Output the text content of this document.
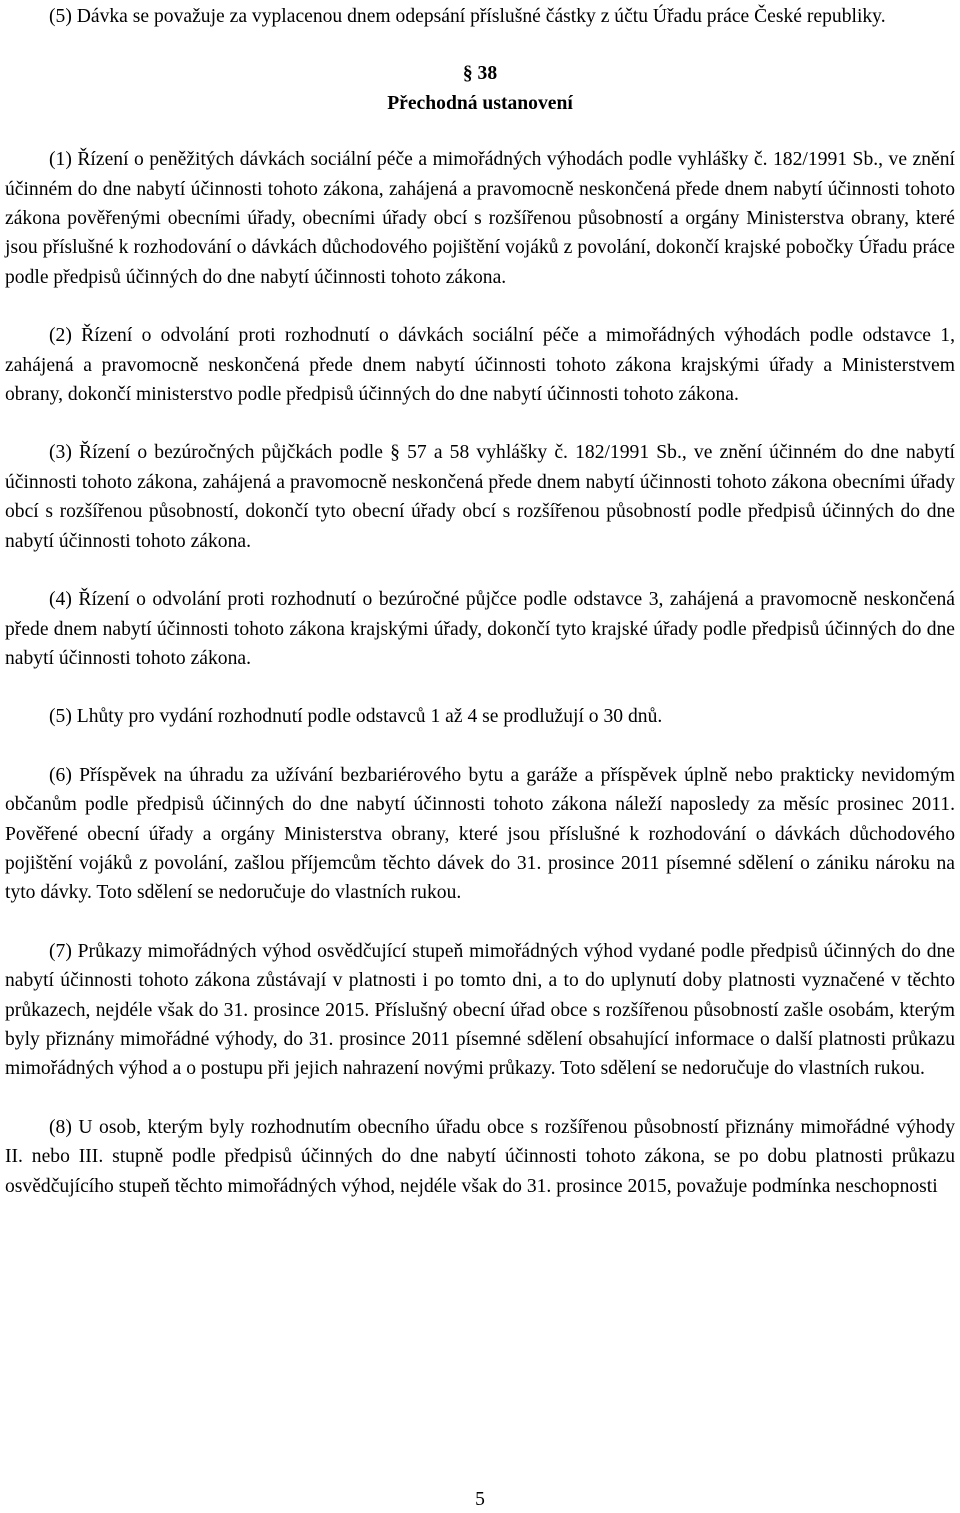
(5) Dávka se považuje za vyplacenou dnem odepsání příslušné částky z účtu Úřadu práce České republiky.

§ 38
Přechodná ustanovení

(1) Řízení o peněžitých dávkách sociální péče a mimořádných výhodách podle vyhlášky č. 182/1991 Sb., ve znění účinném do dne nabytí účinnosti tohoto zákona, zahájená a pravomocně neskončená přede dnem nabytí účinnosti tohoto zákona pověřenými obecními úřady, obecními úřady obcí s rozšířenou působností a orgány Ministerstva obrany, které jsou příslušné k rozhodování o dávkách důchodového pojištění vojáků z povolání, dokončí krajské pobočky Úřadu práce podle předpisů účinných do dne nabytí účinnosti tohoto zákona.

(2) Řízení o odvolání proti rozhodnutí o dávkách sociální péče a mimořádných výhodách podle odstavce 1, zahájená a pravomocně neskončená přede dnem nabytí účinnosti tohoto zákona krajskými úřady a Ministerstvem obrany, dokončí ministerstvo podle předpisů účinných do dne nabytí účinnosti tohoto zákona.

(3) Řízení o bezúročných půjčkách podle § 57 a 58 vyhlášky č. 182/1991 Sb., ve znění účinném do dne nabytí účinnosti tohoto zákona, zahájená a pravomocně neskončená přede dnem nabytí účinnosti tohoto zákona obecními úřady obcí s rozšířenou působností, dokončí tyto obecní úřady obcí s rozšířenou působností podle předpisů účinných do dne nabytí účinnosti tohoto zákona.

(4) Řízení o odvolání proti rozhodnutí o bezúročné půjčce podle odstavce 3, zahájená a pravomocně neskončená přede dnem nabytí účinnosti tohoto zákona krajskými úřady, dokončí tyto krajské úřady podle předpisů účinných do dne nabytí účinnosti tohoto zákona.

(5) Lhůty pro vydání rozhodnutí podle odstavců 1 až 4 se prodlužují o 30 dnů.

(6) Příspěvek na úhradu za užívání bezbariérového bytu a garáže a příspěvek úplně nebo prakticky nevidomým občanům podle předpisů účinných do dne nabytí účinnosti tohoto zákona náleží naposledy za měsíc prosinec 2011. Pověřené obecní úřady a orgány Ministerstva obrany, které jsou příslušné k rozhodování o dávkách důchodového pojištění vojáků z povolání, zašlou příjemcům těchto dávek do 31. prosince 2011 písemné sdělení o zániku nároku na tyto dávky. Toto sdělení se nedoručuje do vlastních rukou.

(7) Průkazy mimořádných výhod osvědčující stupeň mimořádných výhod vydané podle předpisů účinných do dne nabytí účinnosti tohoto zákona zůstávají v platnosti i po tomto dni, a to do uplynutí doby platnosti vyznačené v těchto průkazech, nejdéle však do 31. prosince 2015. Příslušný obecní úřad obce s rozšířenou působností zašle osobám, kterým byly přiznány mimořádné výhody, do 31. prosince 2011 písemné sdělení obsahující informace o další platnosti průkazu mimořádných výhod a o postupu při jejich nahrazení novými průkazy. Toto sdělení se nedoručuje do vlastních rukou.

(8) U osob, kterým byly rozhodnutím obecního úřadu obce s rozšířenou působností přiznány mimořádné výhody II. nebo III. stupně podle předpisů účinných do dne nabytí účinnosti tohoto zákona, se po dobu platnosti průkazu osvědčujícího stupeň těchto mimořádných výhod, nejdéle však do 31. prosince 2015, považuje podmínka neschopnosti

5
